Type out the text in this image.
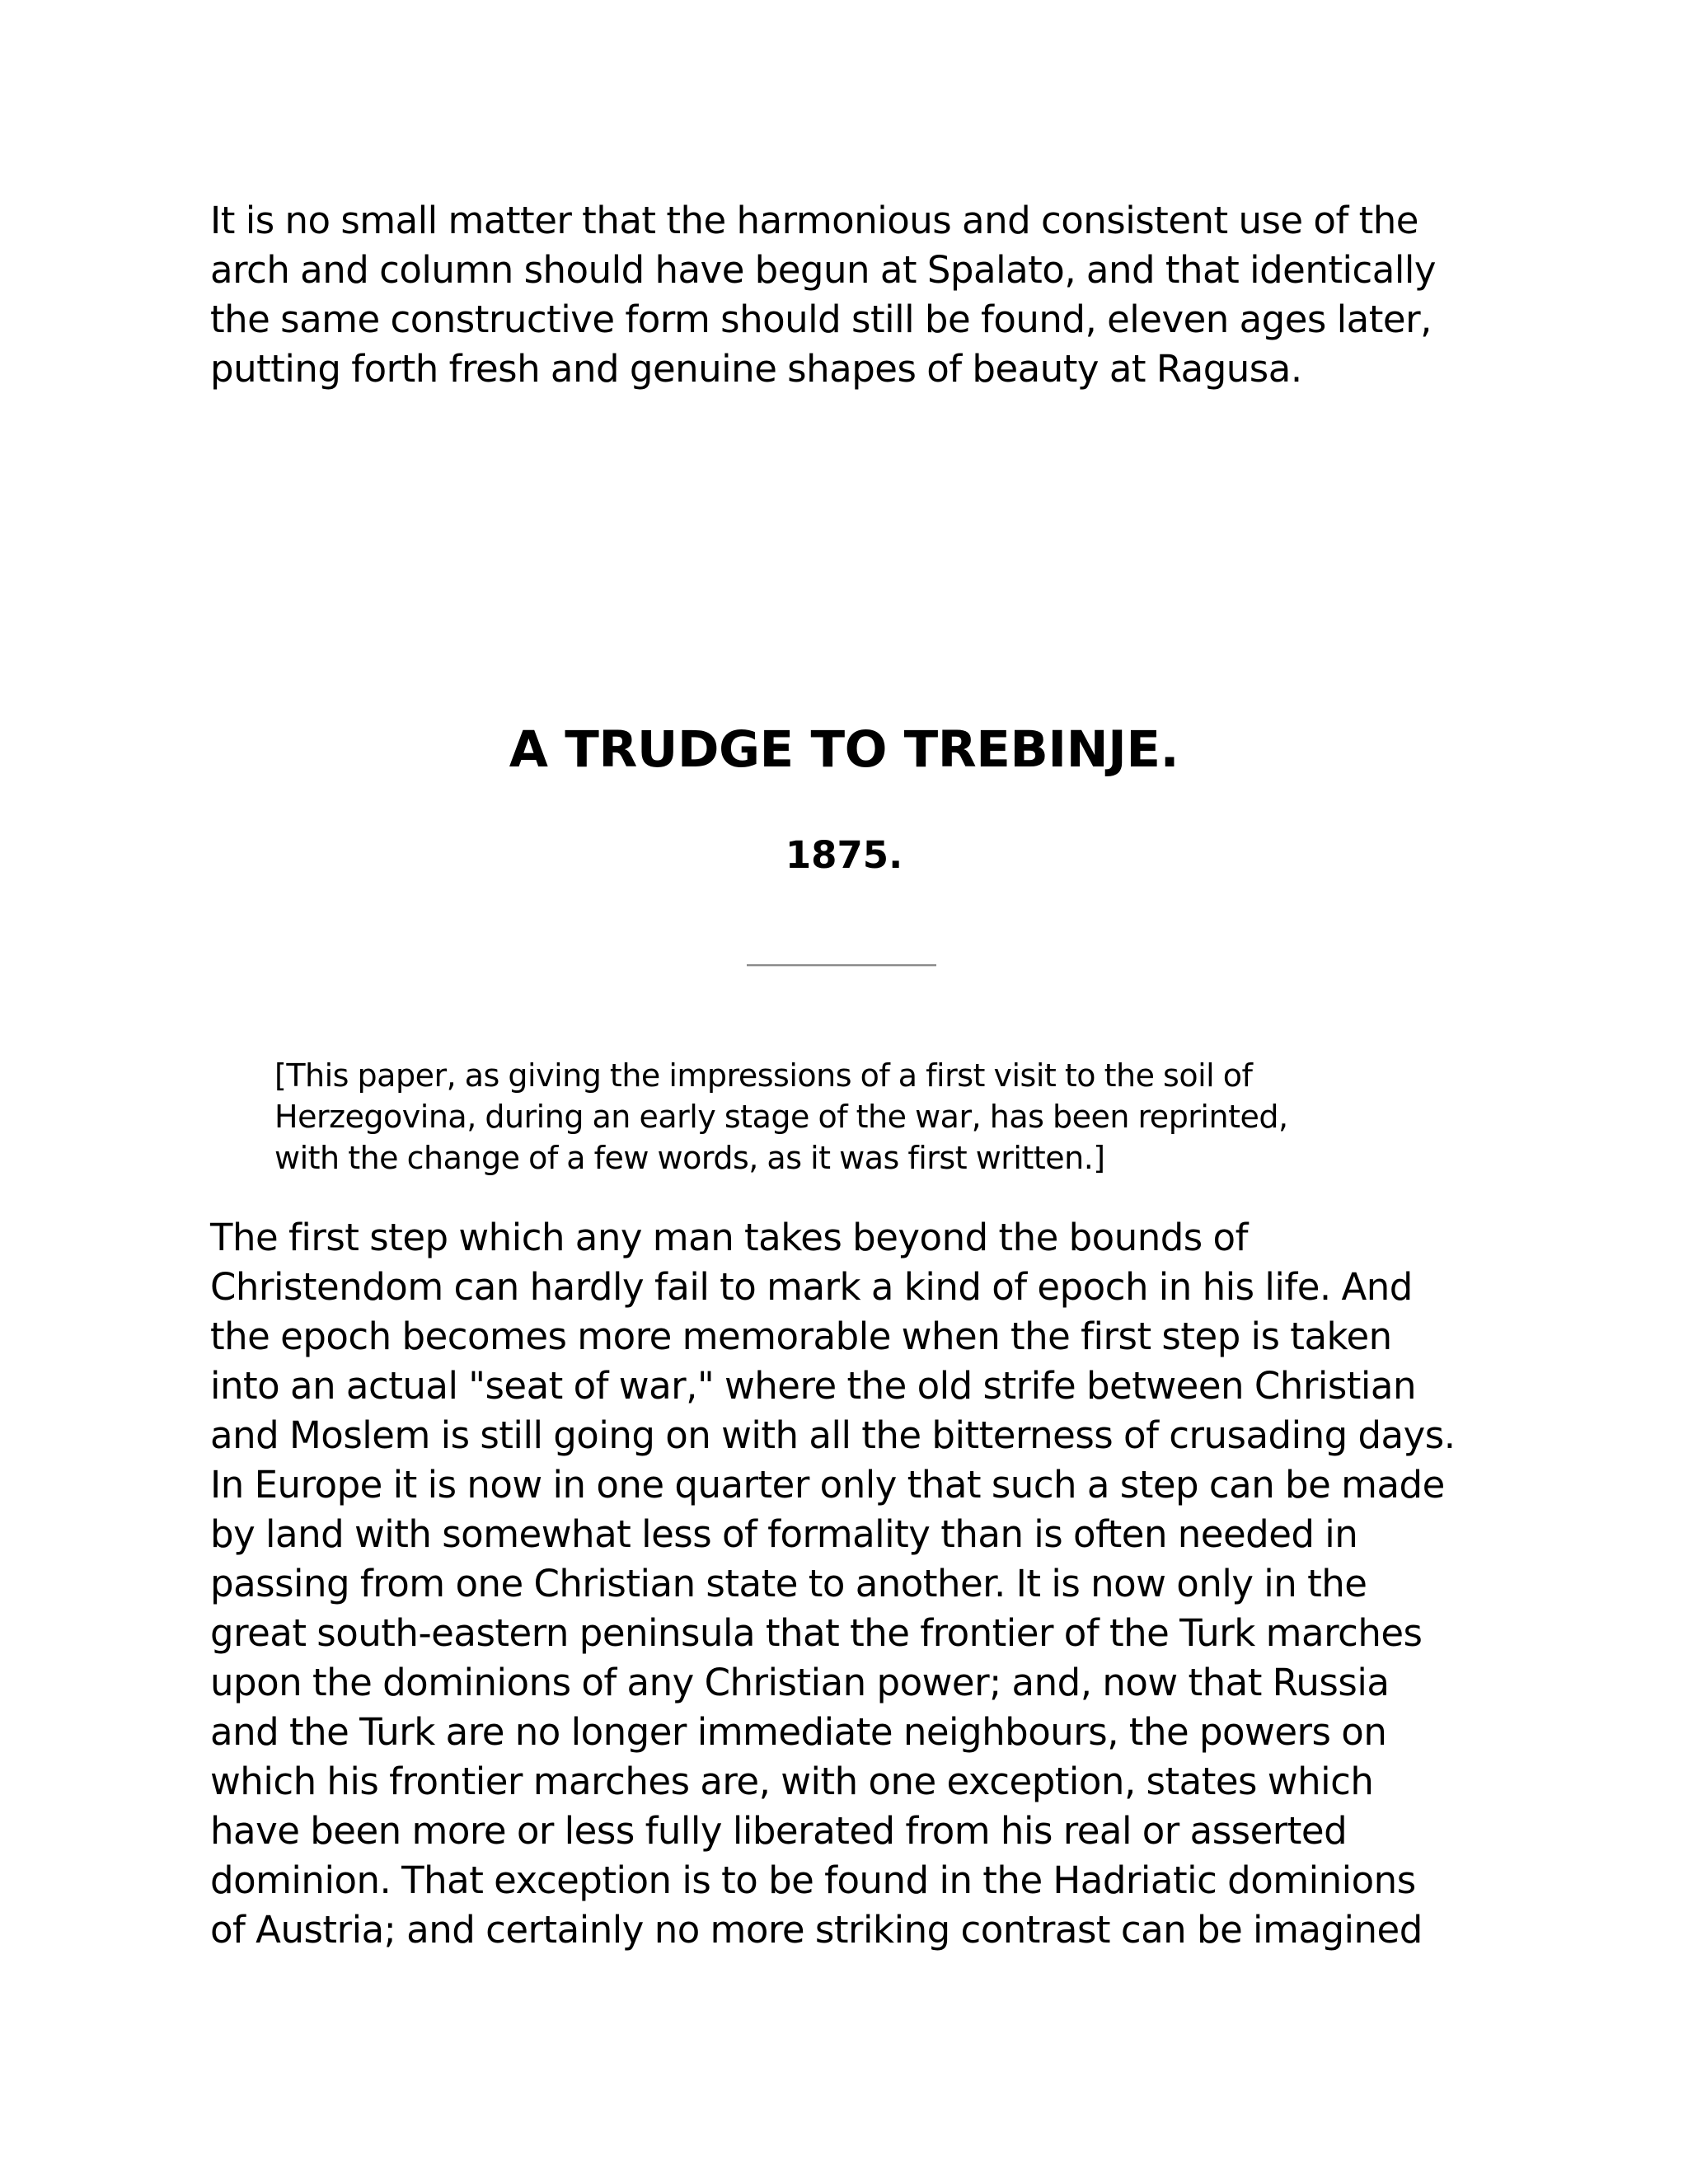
It is no small matter that the harmonious and consistent use of the
arch and column should have begun at Spalato, and that identically
the same constructive form should still be found, eleven ages later,
putting forth fresh and genuine shapes of beauty at Ragusa.

A TRUDGE TO TREBINJE.
1875.

[This paper, as giving the impressions of a first visit to the soil of
Herzegovina, during an early stage of the war, has been reprinted,
with the change of a few words, as it was first written.]

The first step which any man takes beyond the bounds of
Christendom can hardly fail to mark a kind of epoch in his life. And
the epoch becomes more memorable when the first step is taken
into an actual "seat of war," where the old strife between Christian
and Moslem is still going on with all the bitterness of crusading days.
In Europe it is now in one quarter only that such a step can be made
by land with somewhat less of formality than is often needed in
passing from one Christian state to another. It is now only in the
great south-eastern peninsula that the frontier of the Turk marches
upon the dominions of any Christian power; and, now that Russia
and the Turk are no longer immediate neighbours, the powers on
which his frontier marches are, with one exception, states which
have been more or less fully liberated from his real or asserted
dominion. That exception is to be found in the Hadriatic dominions
of Austria; and certainly no more striking contrast can be imagined
